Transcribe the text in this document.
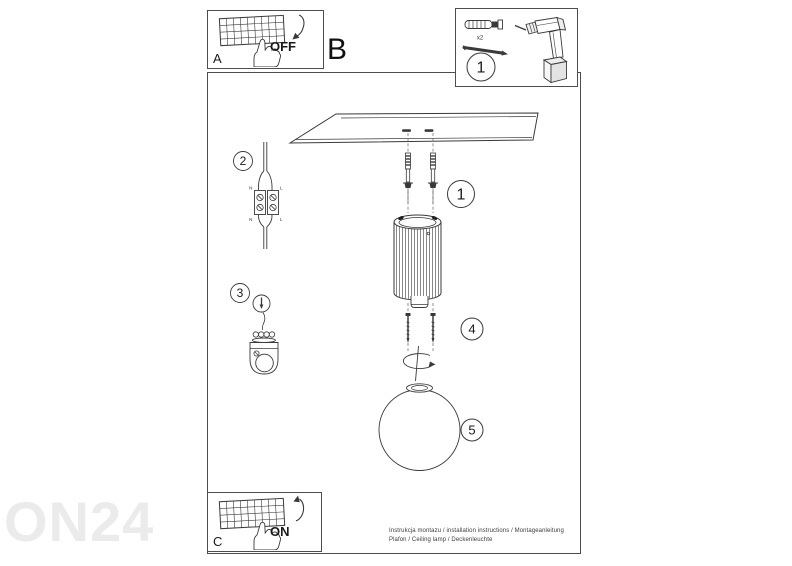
ON24
1
4
5
2
N	L
N	L
3
A
OFF B	x2
1
C
ON	Instrukcja montazu / installation instructions / Montageanleitung
Plafon / Ceiling lamp / Deckenleuchte
